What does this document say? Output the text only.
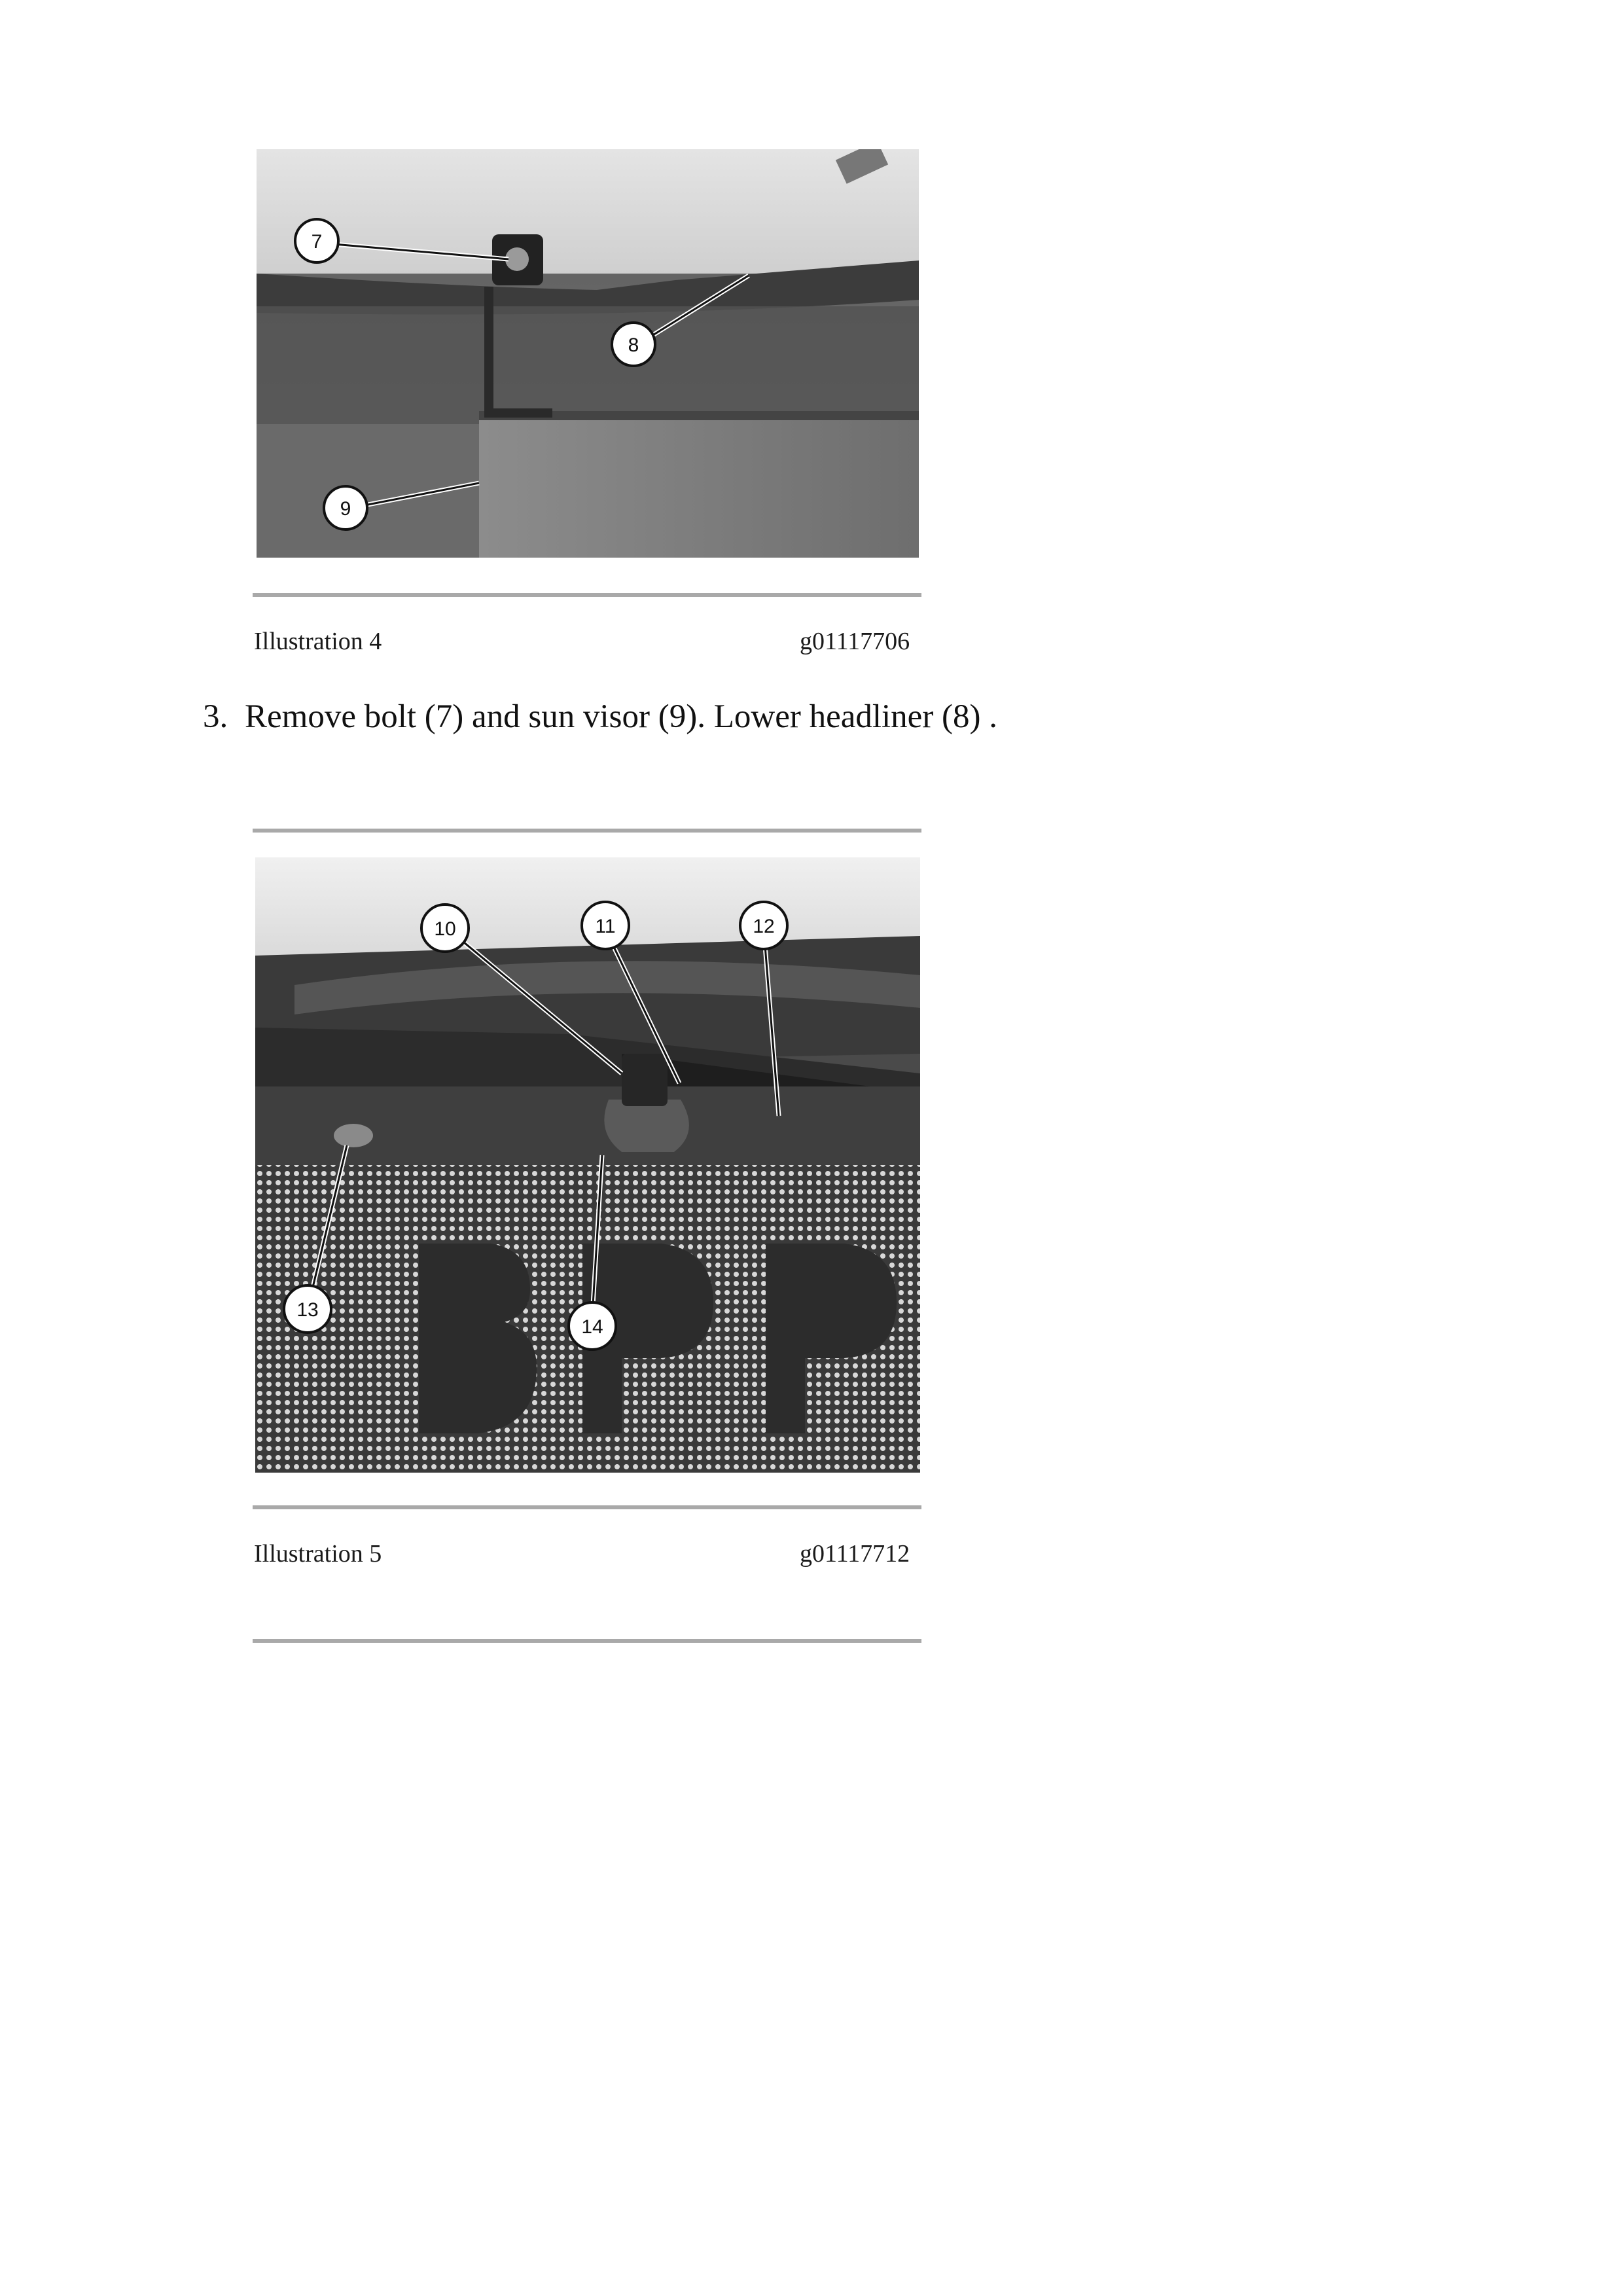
7
8
9
Illustration 4	g01117706
3. Remove bolt (7) and sun visor (9). Lower headliner (8) .
10	11	12
13
14
Illustration 5	g01117712
